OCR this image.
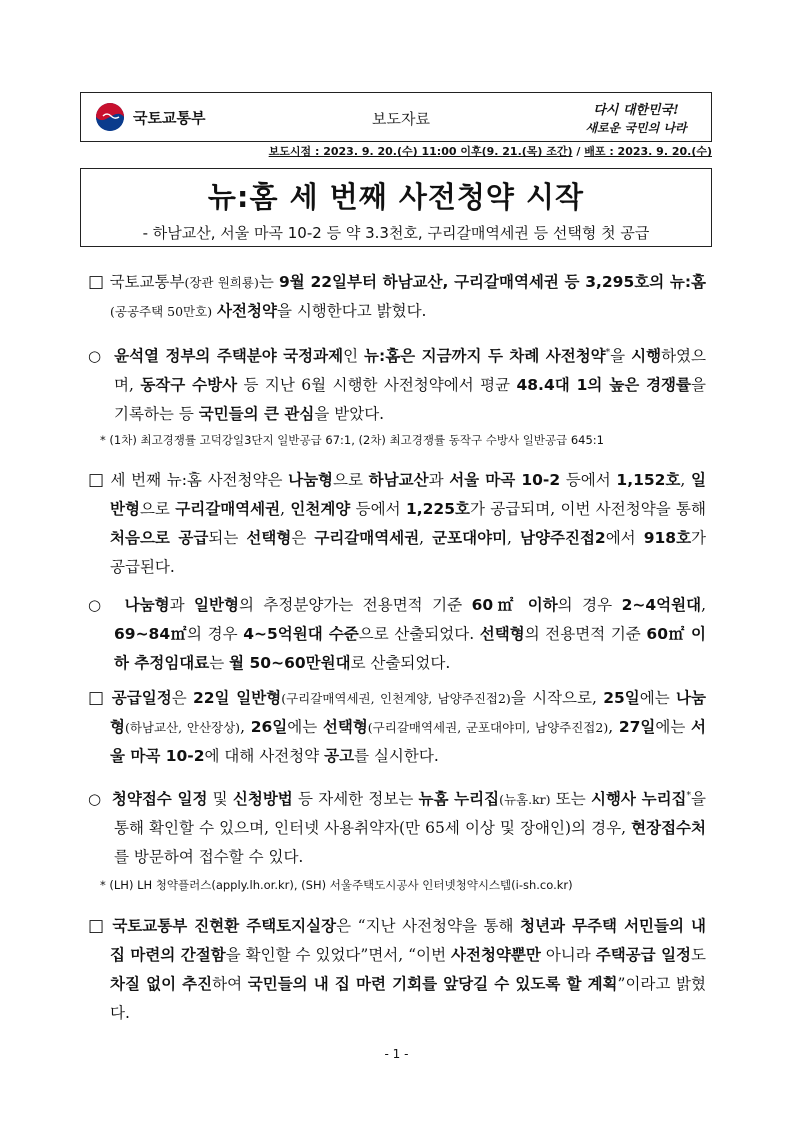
국토교통부	보도자료	다시 대한민국!
새로운 국민의 나라
보도시점 : 2023. 9. 20.(수) 11:00 이후(9. 21.(목) 조간) / 배포 : 2023. 9. 20.(수)
뉴:홈 세 번째 사전청약 시작
- 하남교산, 서울 마곡 10-2 등 약 3.3천호, 구리갈매역세권 등 선택형 첫 공급
□ 국토교통부(장관 원희룡)는 9월 22일부터 하남교산, 구리갈매역세권 등 3,295호의 뉴:홈(공공주택 50만호) 사전청약을 시행한다고 밝혔다.
○ 윤석열 정부의 주택분야 국정과제인 뉴:홈은 지금까지 두 차례 사전청약*을 시행하였으며, 동작구 수방사 등 지난 6월 시행한 사전청약에서 평균 48.4대 1의 높은 경쟁률을 기록하는 등 국민들의 큰 관심을 받았다.
* (1차) 최고경쟁률 고덕강일3단지 일반공급 67:1, (2차) 최고경쟁률 동작구 수방사 일반공급 645:1
□ 세 번째 뉴:홈 사전청약은 나눔형으로 하남교산과 서울 마곡 10-2 등에서 1,152호, 일반형으로 구리갈매역세권, 인천계양 등에서 1,225호가 공급되며, 이번 사전청약을 통해 처음으로 공급되는 선택형은 구리갈매역세권, 군포대야미, 남양주진접2에서 918호가 공급된다.
○ 나눔형과 일반형의 추정분양가는 전용면적 기준 60㎡ 이하의 경우 2~4억원대, 69~84㎡의 경우 4~5억원대 수준으로 산출되었다. 선택형의 전용면적 기준 60㎡ 이하 추정임대료는 월 50~60만원대로 산출되었다.
□ 공급일정은 22일 일반형(구리갈매역세권, 인천계양, 남양주진접2)을 시작으로, 25일에는 나눔형(하남교산, 안산장상), 26일에는 선택형(구리갈매역세권, 군포대야미, 남양주진접2), 27일에는 서울 마곡 10-2에 대해 사전청약 공고를 실시한다.
○ 청약접수 일정 및 신청방법 등 자세한 정보는 뉴홈 누리집(뉴홈.kr) 또는 시행사 누리집*을 통해 확인할 수 있으며, 인터넷 사용취약자(만 65세 이상 및 장애인)의 경우, 현장접수처를 방문하여 접수할 수 있다.
* (LH) LH 청약플러스(apply.lh.or.kr), (SH) 서울주택도시공사 인터넷청약시스템(i-sh.co.kr)
□ 국토교통부 진현환 주택토지실장은 “지난 사전청약을 통해 청년과 무주택 서민들의 내 집 마련의 간절함을 확인할 수 있었다”면서, “이번 사전청약뿐만 아니라 주택공급 일정도 차질 없이 추진하여 국민들의 내 집 마련 기회를 앞당길 수 있도록 할 계획”이라고 밝혔다.
- 1 -
